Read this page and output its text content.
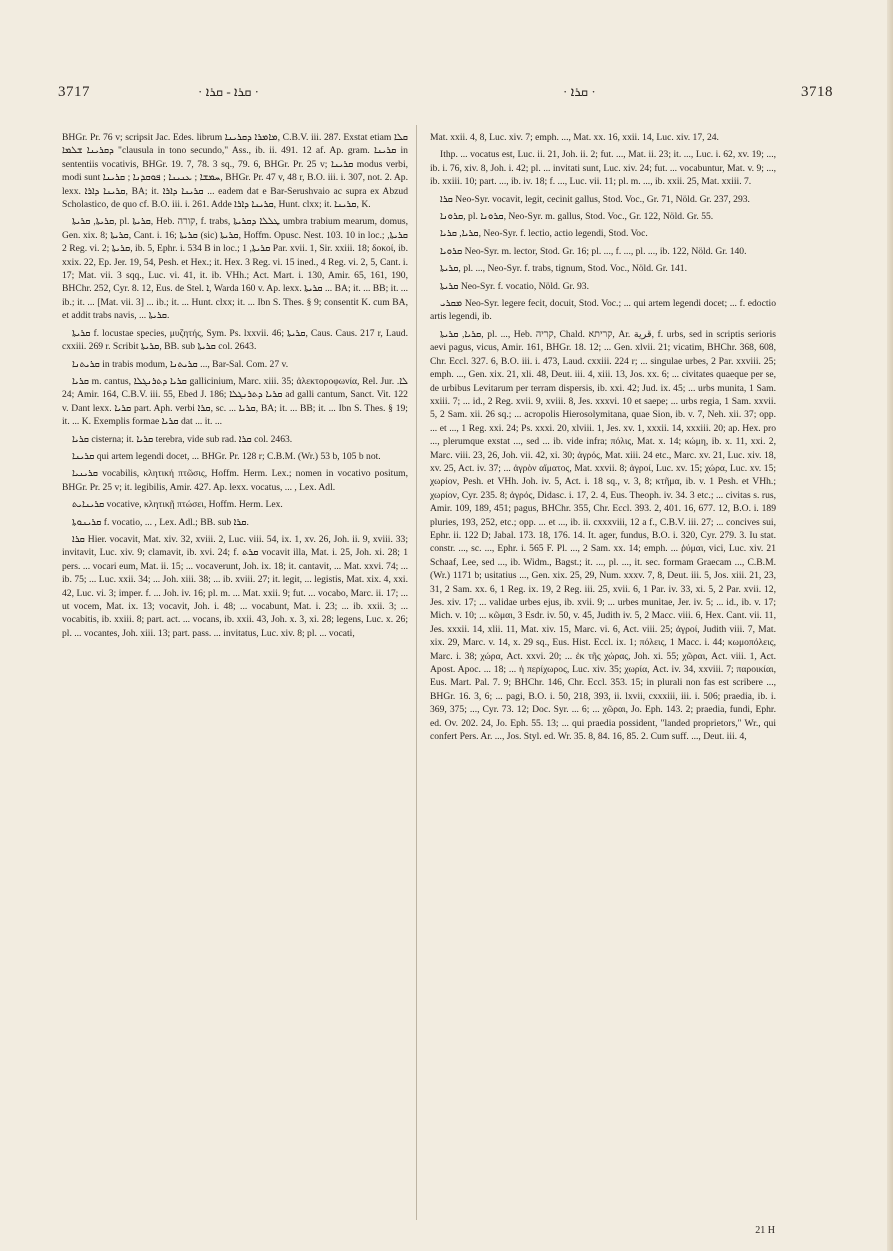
3717	· ܩܪܐ - ܩܪܐ ·	· ܩܪܐ ·	3718

BHGr. Pr. 76 v; scripsit Jac. Edes. librum ܡܐܡܪܐ ܕܩܪܝܢܐ, C.B.V. iii. 287. Exstat etiam ܩܠܐ ܕܩܪܝܢܐ ܫܠܡܐ "clausula in tono secundo," Ass., ib. ii. 491. 12 af. Ap. gram. ܩܪܝܢܐ in sententiis vocativis, BHGr. 19. 7, 78. 3 sq., 79. 6, BHGr. Pr. 25 v; ܩܪܝܢܐ modus verbi, modi sunt ܚܡܫܐ ; ܥܢܝܢܐ ; ܦܘܩܕܢܐ ; ܩܪܝܢܐ, BHGr. Pr. 47 v, 48 r, B.O. iii. i. 307, not. 2. Ap. lexx. ܩܪܝܢܐ ܕܐܪܐ, BA; it. ܩܪܝܢܐ ܕܐܪܐ ... eadem dat e Bar-Serushvaio ac supra ex Abzud Scholastico, de quo cf. B.O. iii. i. 261. Adde ܩܪܝܢܐ ܕܐܪܐ, Hunt. clxx; it. ܩܪܝܢܐ, K.

ܩܪܝܬܐ, ܩܪܝܬܐ, pl. ܩܪܝܬܐ, Heb. קורה, f. trabs, ܛܠܠܐ ܕܩܪܝܬܐ umbra trabium mearum, domus, Gen. xix. 8; ܩܪܝܬܐ, Cant. i. 16; ܩܪܝܬܐ (sic) ܩܪܝܬܐ, Hoffm. Opusc. Nest. 103. 10 in loc.; ܩܪܝܬܐ, 2 Reg. vi. 2; ܩܪܝܬܐ, ib. 5, Ephr. i. 534 B in loc.; ܩܪܝܬܐ, 1 Par. xvii. 1, Sir. xxiii. 18; δοκοί, ib. xxix. 22, Ep. Jer. 19, 54, Pesh. et Hex.; it. Hex. 3 Reg. vi. 15 ined., 4 Reg. vi. 2, 5, Cant. i. 17; Mat. vii. 3 sqq., Luc. vi. 41, it. ib. VHh.; Act. Mart. i. 130, Amir. 65, 161, 190, BHChr. 252, Cyr. 8. 12, Eus. de Stel. ܐ, Warda 160 v. Ap. lexx. ܩܪܝܬܐ ... BA; it. ... BB; it. ... ib.; it. ... [Mat. vii. 3] ... ib.; it. ... Hunt. clxx; it. ... Ibn S. Thes. § 9; consentit K. cum BA, et addit trabs navis, ... ܩܪܝܬܐ.

ܩܪܝܬܐ f. locustae species, μυζητής, Sym. Ps. lxxvii. 46; ܩܪܝܬܐ, Caus. Caus. 217 r, Laud. cxxiii. 269 r. Scribit ܩܪܝܬܐ, BB. sub ܩܪܝܬܐ col. 2643.

ܩܪܝܬܢܐ in trabis modum, ܩܪܝܬܢܐ ..., Bar-Sal. Com. 27 v.

ܩܪܝܐ m. cantus, ܩܪܝܐ ܕܬܪܢܓܠܐ gallicinium, Marc. xiii. 35; ἀλεκτοροφωνία, Rel. Jur. ܠܐ. 24; Amir. 164, C.B.V. iii. 55, Ebed J. 186; ܩܪܝܐ ܕܬܪܢܓܠܐ ad galli cantum, Sanct. Vit. 122 v. Dant lexx. ܩܪܝܐ part. Aph. verbi ܩܪܐ, sc. ... ܩܪܝܐ, BA; it. ... BB; it. ... Ibn S. Thes. § 19; it. ... K. Exemplis formae ܩܪܝܐ dat ... it. ...

ܩܪܝܐ cisterna; it. ܩܪܝܐ terebra, vide sub rad. ܩܪܐ col. 2463.

ܩܪܝܢܐ qui artem legendi docet, ... BHGr. Pr. 128 r; C.B.M. (Wr.) 53 b, 105 b not.

ܩܪܝܢܝܐ vocabilis, κλητική πτῶσις, Hoffm. Herm. Lex.; nomen in vocativo positum, BHGr. Pr. 25 v; it. legibilis, Amir. 427. Ap. lexx. vocatus, ... , Lex. Adl.

ܩܪܝܢܐܝܬ vocative, κλητικῇ πτώσει, Hoffm. Herm. Lex.

ܩܪܝܢܘܬܐ f. vocatio, ... , Lex. Adl.; BB. sub ܩܪܐ.

ܩܪܐ Hier. vocavit, Mat. xiv. 32, xviii. 2, Luc. viii. 54, ix. 1, xv. 26, Joh. ii. 9, xviii. 33; invitavit, Luc. xiv. 9; clamavit, ib. xvi. 24; f. ܩܪܬ vocavit illa, Mat. i. 25, Joh. xi. 28; 1 pers. ... vocari eum, Mat. ii. 15; ... vocaverunt, Joh. ix. 18; it. cantavit, ... Mat. xxvi. 74; ... ib. 75; ... Luc. xxii. 34; ... Joh. xiii. 38; ... ib. xviii. 27; it. legit, ... legistis, Mat. xix. 4, xxi. 42, Luc. vi. 3; imper. f. ... Joh. iv. 16; pl. m. ... Mat. xxii. 9; fut. ... vocabo, Marc. ii. 17; ... ut vocem, Mat. ix. 13; vocavit, Joh. i. 48; ... vocabunt, Mat. i. 23; ... ib. xxii. 3; ... vocabitis, ib. xxiii. 8; part. act. ... vocans, ib. xxii. 43, Joh. x. 3, xi. 28; legens, Luc. x. 26; pl. ... vocantes, Joh. xiii. 13; part. pass. ... invitatus, Luc. xiv. 8; pl. ... vocati,

Mat. xxii. 4, 8, Luc. xiv. 7; emph. ..., Mat. xx. 16, xxii. 14, Luc. xiv. 17, 24.

Ithp. ... vocatus est, Luc. ii. 21, Joh. ii. 2; fut. ..., Mat. ii. 23; it. ..., Luc. i. 62, xv. 19; ..., ib. i. 76, xiv. 8, Joh. i. 42; pl. ... invitati sunt, Luc. xiv. 24; fut. ... vocabuntur, Mat. v. 9; ..., ib. xxiii. 10; part. ..., ib. iv. 18; f. ..., Luc. vii. 11; pl. m. ..., ib. xxii. 25, Mat. xxiii. 7.

ܩܪܐ Neo-Syr. vocavit, legit, cecinit gallus, Stod. Voc., Gr. 71, Nöld. Gr. 237, 293.

ܩܪܘܢܐ, pl. ܩܪܘܢܐ, Neo-Syr. m. gallus, Stod. Voc., Gr. 122, Nöld. Gr. 55.

ܩܪܝܐ, ܩܪܝܐ, Neo-Syr. f. lectio, actio legendi, Stod. Voc.

ܩܪܘܝܐ Neo-Syr. m. lector, Stod. Gr. 16; pl. ..., f. ..., pl. ..., ib. 122, Nöld. Gr. 140.

ܩܪܝܬܐ, pl. ..., Neo-Syr. f. trabs, tignum, Stod. Voc., Nöld. Gr. 141.

ܩܪܝܬܐ Neo-Syr. f. vocatio, Nöld. Gr. 93.

ܡܩܪܝ Neo-Syr. legere fecit, docuit, Stod. Voc.; ... qui artem legendi docet; ... f. edoctio artis legendi, ib.

ܩܪܝܐ, ܩܪܝܬܐ, pl. ..., Heb. קריה, Chald. קריתא, Ar. قرية, f. urbs, sed in scriptis serioris aevi pagus, vicus, Amir. 161, BHGr. 18. 12; ... Gen. xlvii. 21; vicatim, BHChr. 368, 608, Chr. Eccl. 327. 6, B.O. iii. i. 473, Laud. cxxiii. 224 r; ... singulae urbes, 2 Par. xxviii. 25; emph. ..., Gen. xix. 21, xli. 48, Deut. iii. 4, xiii. 13, Jos. xx. 6; ... civitates quaeque per se, de urbibus Levitarum per terram dispersis, ib. xxi. 42; Jud. ix. 45; ... urbs munita, 1 Sam. xxiii. 7; ... id., 2 Reg. xvii. 9, xviii. 8, Jes. xxxvi. 10 et saepe; ... urbs regia, 1 Sam. xxvii. 5, 2 Sam. xii. 26 sq.; ... acropolis Hierosolymitana, quae Sion, ib. v. 7, Neh. xii. 37; opp. ... et ..., 1 Reg. xxi. 24; Ps. xxxi. 20, xlviii. 1, Jes. xv. 1, xxxii. 14, xxxiii. 20; ap. Hex. pro ..., plerumque exstat ..., sed ... ib. vide infra; πόλις, Mat. x. 14; κώμη, ib. x. 11, xxi. 2, Marc. viii. 23, 26, Joh. vii. 42, xi. 30; ἀγρός, Mat. xiii. 24 etc., Marc. xv. 21, Luc. xiv. 18, xv. 25, Act. iv. 37; ... ἀγρὸν αἵματος, Mat. xxvii. 8; ἀγροί, Luc. xv. 15; χώρα, Luc. xv. 15; χωρίον, Pesh. et VHh. Joh. iv. 5, Act. i. 18 sq., v. 3, 8; κτῆμα, ib. v. 1 Pesh. et VHh.; χωρίον, Cyr. 235. 8; ἀγρός, Didasc. i. 17, 2. 4, Eus. Theoph. iv. 34. 3 etc.; ... civitas s. rus, Amir. 109, 189, 451; pagus, BHChr. 355, Chr. Eccl. 393. 2, 401. 16, 677. 12, B.O. i. 189 pluries, 193, 252, etc.; opp. ... et ..., ib. ii. cxxxviii, 12 a f., C.B.V. iii. 27; ... concives sui, Ephr. ii. 122 D; Jabal. 173. 18, 176. 14. It. ager, fundus, B.O. i. 320, Cyr. 279. 3. Iu stat. constr. ..., sc. ..., Ephr. i. 565 F. Pl. ..., 2 Sam. xx. 14; emph. ... ῥύμαι, vici, Luc. xiv. 21 Schaaf, Lee, sed ..., ib. Widm., Bagst.; it. ..., pl. ..., it. sec. formam Graecam ..., C.B.M. (Wr.) 1171 b; usitatius ..., Gen. xix. 25, 29, Num. xxxv. 7, 8, Deut. iii. 5, Jos. xiii. 21, 23, 31, 2 Sam. xx. 6, 1 Reg. ix. 19, 2 Reg. iii. 25, xvii. 6, 1 Par. iv. 33, xi. 5, 2 Par. xvii. 12, Jes. xiv. 17; ... validae urbes ejus, ib. xvii. 9; ... urbes munitae, Jer. iv. 5; ... id., ib. v. 17; Mich. v. 10; ... κῶμαι, 3 Esdr. iv. 50, v. 45, Judith iv. 5, 2 Macc. viii. 6, Hex. Cant. vii. 11, Jes. xxxii. 14, xlii. 11, Mat. xiv. 15, Marc. vi. 6, Act. viii. 25; ἀγροί, Judith viii. 7, Mat. xix. 29, Marc. v. 14, x. 29 sq., Eus. Hist. Eccl. ix. 1; πόλεις, 1 Macc. i. 44; κωμοπόλεις, Marc. i. 38; χώρα, Act. xxvi. 20; ... ἐκ τῆς χώρας, Joh. xi. 55; χῶραι, Act. viii. 1, Act. Apost. Apoc. ... 18; ... ἡ περίχωρος, Luc. xiv. 35; χωρία, Act. iv. 34, xxviii. 7; παροικίαι, Eus. Mart. Pal. 7. 9; BHChr. 146, Chr. Eccl. 353. 15; in plurali non fas est scribere ..., BHGr. 16. 3, 6; ... pagi, B.O. i. 50, 218, 393, ii. lxvii, cxxxiii, iii. i. 506; praedia, ib. i. 369, 375; ..., Cyr. 73. 12; Doc. Syr. ... 6; ... χῶραι, Jo. Eph. 143. 2; praedia, fundi, Ephr. ed. Ov. 202. 24, Jo. Eph. 55. 13; ... qui praedia possident, "landed proprietors," Wr., qui confert Pers. Ar. ..., Jos. Styl. ed. Wr. 35. 8, 84. 16, 85. 2. Cum suff. ..., Deut. iii. 4,

21 H
